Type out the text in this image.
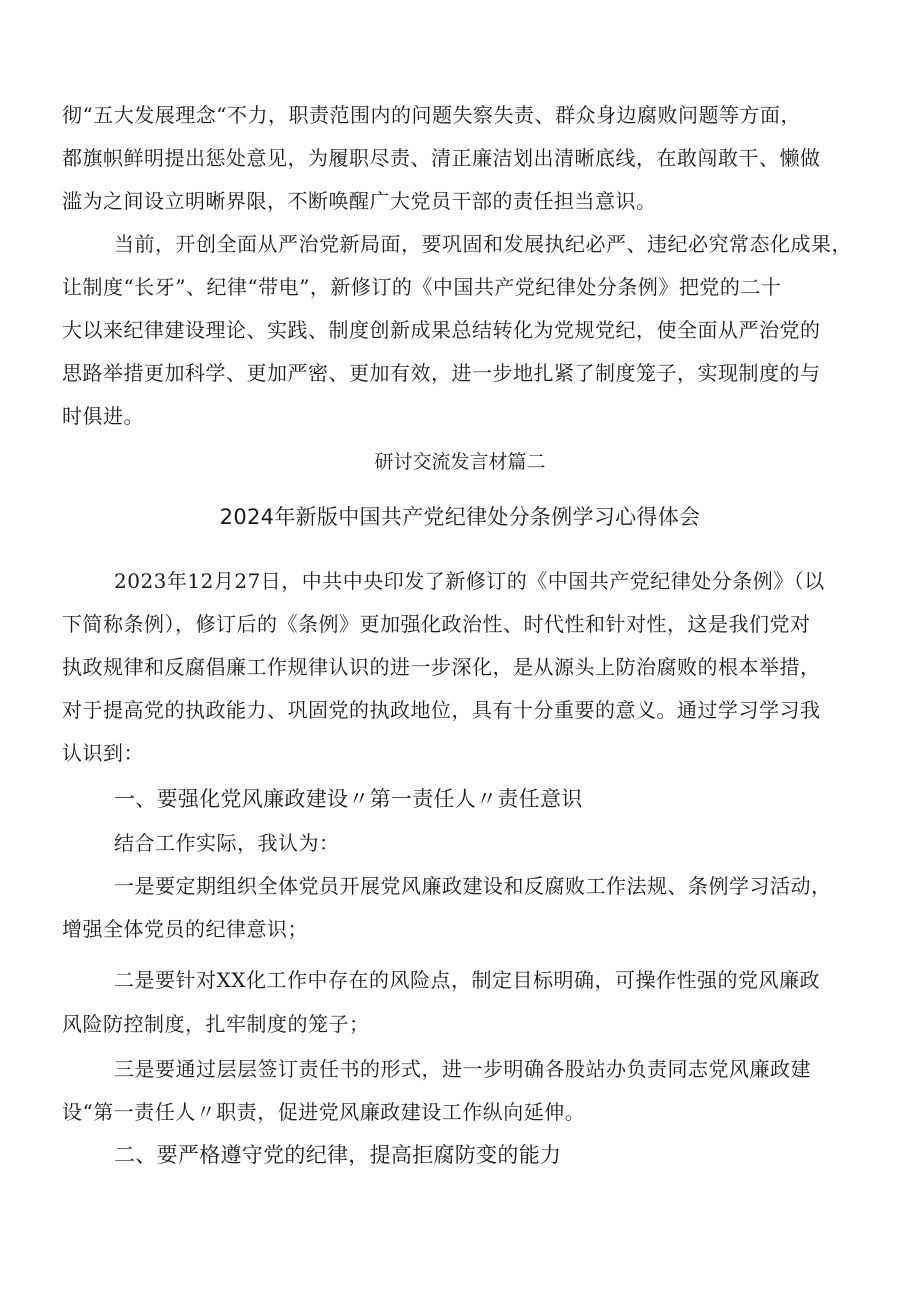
彻“五大发展理念“不力，职责范围内的问题失察失责、群众身边腐败问题等方面，
都旗帜鲜明提出惩处意见，为履职尽责、清正廉洁划出清晰底线，在敢闯敢干、懒做
滥为之间设立明晰界限，不断唤醒广大党员干部的责任担当意识。
当前，开创全面从严治党新局面，要巩固和发展执纪必严、违纪必究常态化成果，
让制度“长牙”、纪律“带电”，新修订的《中国共产党纪律处分条例》把党的二十
大以来纪律建设理论、实践、制度创新成果总结转化为党规党纪，使全面从严治党的
思路举措更加科学、更加严密、更加有效，进一步地扎紧了制度笼子，实现制度的与
时俱进。
研讨交流发言材篇二
2024年新版中国共产党纪律处分条例学习心得体会
2023年12月27日，中共中央印发了新修订的《中国共产党纪律处分条例》（以
下简称条例），修订后的《条例》更加强化政治性、时代性和针对性，这是我们党对
执政规律和反腐倡廉工作规律认识的进一步深化，是从源头上防治腐败的根本举措，
对于提高党的执政能力、巩固党的执政地位，具有十分重要的意义。通过学习学习我
认识到：
一、要强化党风廉政建设〃第一责任人〃责任意识
结合工作实际，我认为：
一是要定期组织全体党员开展党风廉政建设和反腐败工作法规、条例学习活动，
增强全体党员的纪律意识；
二是要针对XX化工作中存在的风险点，制定目标明确，可操作性强的党风廉政
风险防控制度，扎牢制度的笼子；
三是要通过层层签订责任书的形式，进一步明确各股站办负责同志党风廉政建
设“第一责任人〃职责，促进党风廉政建设工作纵向延伸。
二、要严格遵守党的纪律，提高拒腐防变的能力
